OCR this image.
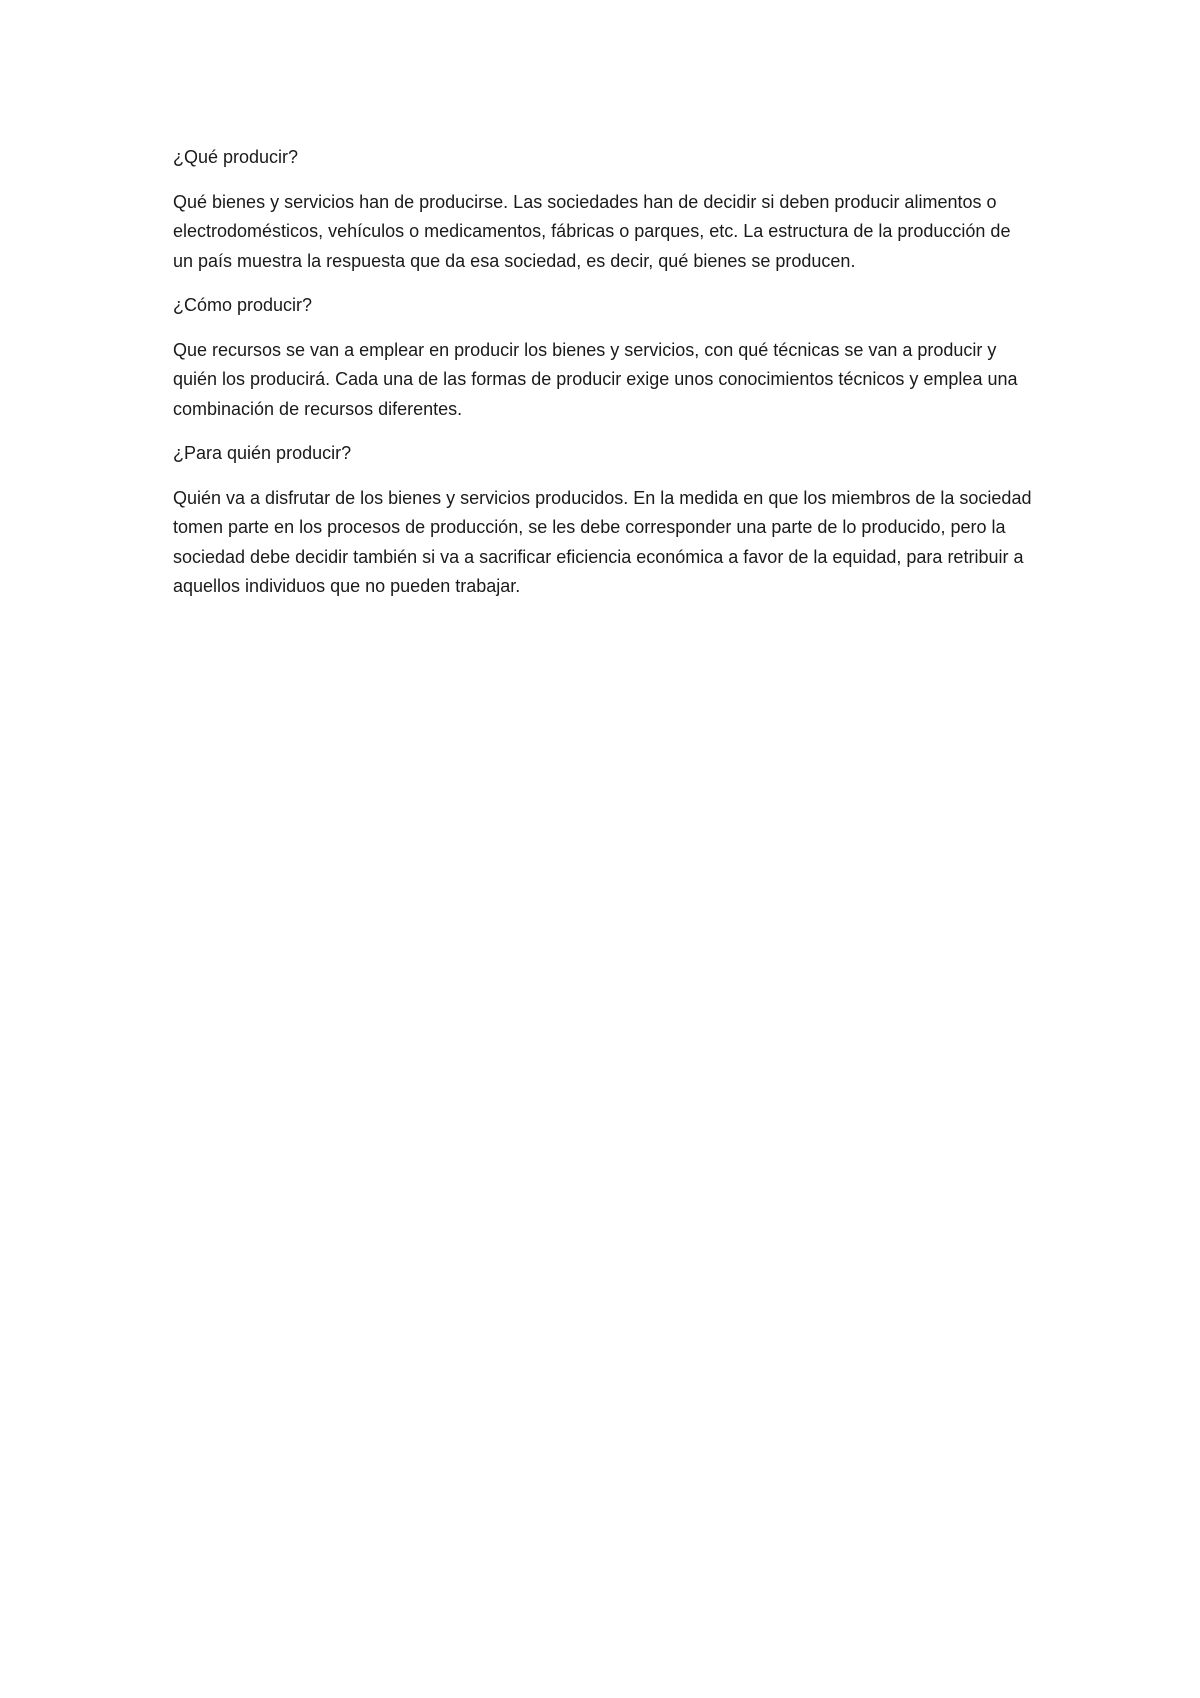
¿Qué producir?

Qué bienes y servicios han de producirse. Las sociedades han de decidir si deben producir alimentos o electrodomésticos, vehículos o medicamentos, fábricas o parques, etc. La estructura de la producción de un país muestra la respuesta que da esa sociedad, es decir, qué bienes se producen.

¿Cómo producir?

Que recursos se van a emplear en producir los bienes y servicios, con qué técnicas se van a producir y quién los producirá. Cada una de las formas de producir exige unos conocimientos técnicos y emplea una combinación de recursos diferentes.

¿Para quién producir?

Quién va a disfrutar de los bienes y servicios producidos. En la medida en que los miembros de la sociedad tomen parte en los procesos de producción, se les debe corresponder una parte de lo producido, pero la sociedad debe decidir también si va a sacrificar eficiencia económica a favor de la equidad, para retribuir a aquellos individuos que no pueden trabajar.
